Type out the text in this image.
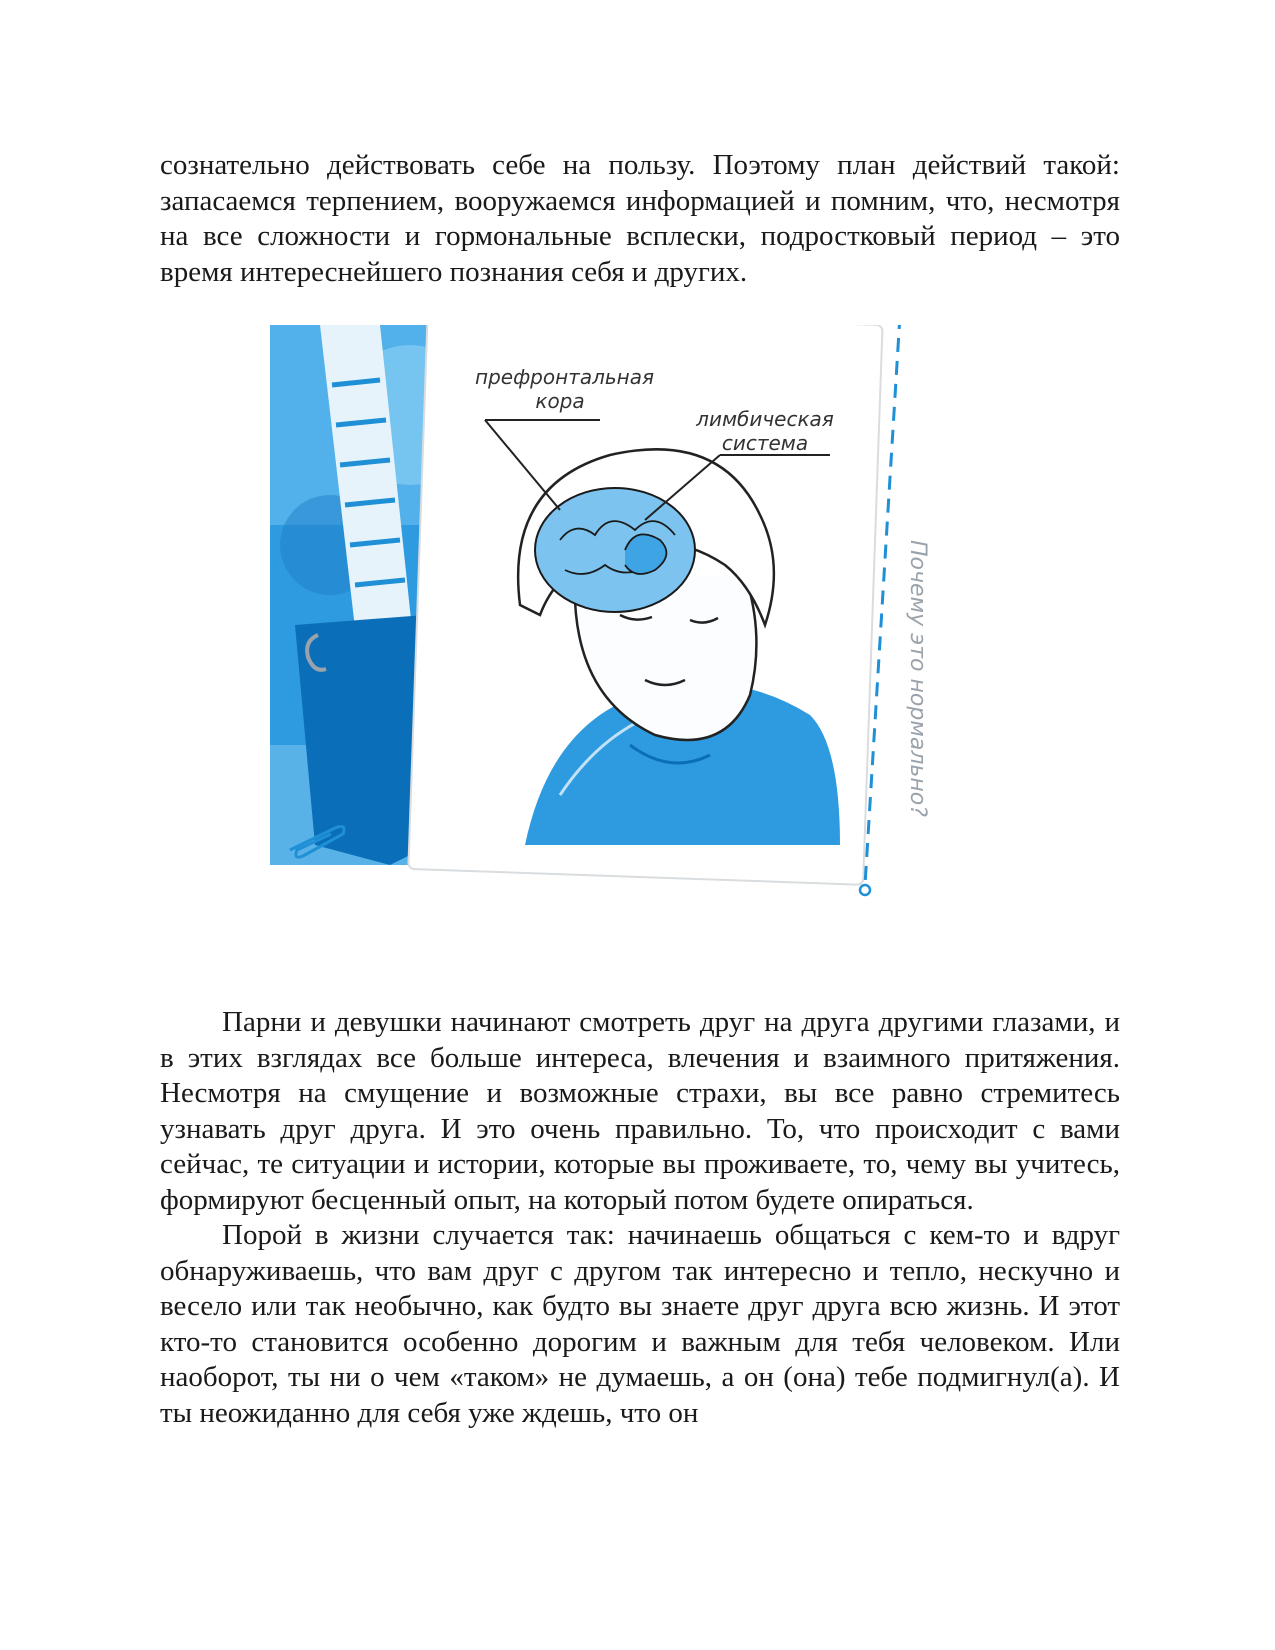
сознательно действовать себе на пользу. Поэтому план действий такой: запасаемся терпением, вооружаемся информацией и помним, что, несмотря на все сложности и гормональные всплески, подростковый период – это время интереснейшего познания себя и других.

префронтальная кора
лимбическая система
Почему это нормально?

Парни и девушки начинают смотреть друг на друга другими глазами, и в этих взглядах все больше интереса, влечения и взаимного притяжения. Несмотря на смущение и возможные страхи, вы все равно стремитесь узнавать друг друга. И это очень правильно. То, что происходит с вами сейчас, те ситуации и истории, которые вы проживаете, то, чему вы учитесь, формируют бесценный опыт, на который потом будете опираться.

Порой в жизни случается так: начинаешь общаться с кем-то и вдруг обнаруживаешь, что вам друг с другом так интересно и тепло, нескучно и весело или так необычно, как будто вы знаете друг друга всю жизнь. И этот кто-то становится особенно дорогим и важным для тебя человеком. Или наоборот, ты ни о чем «таком» не думаешь, а он (она) тебе подмигнул(а). И ты неожиданно для себя уже ждешь, что он
